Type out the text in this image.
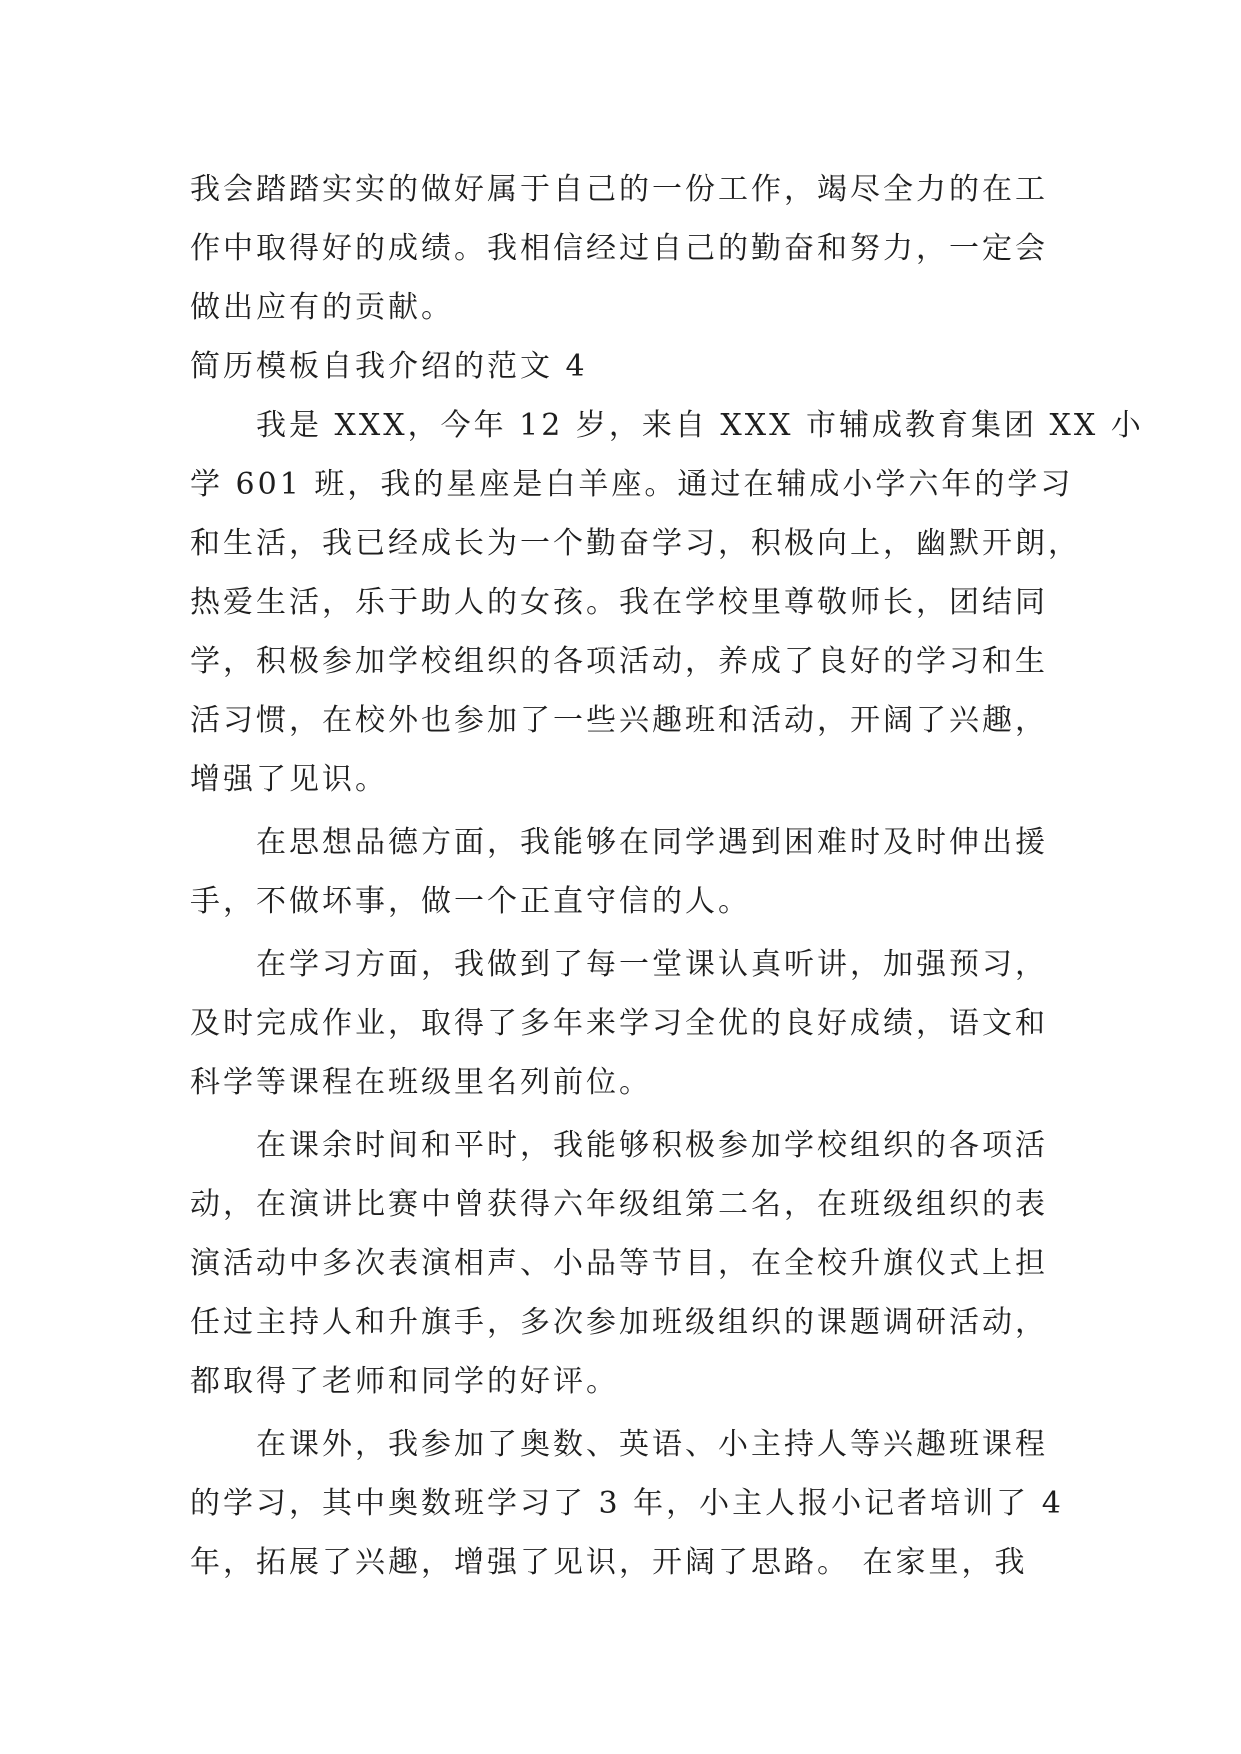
我会踏踏实实的做好属于自己的一份工作，竭尽全力的在工
作中取得好的成绩。我相信经过自己的勤奋和努力，一定会
做出应有的贡献。
简历模板自我介绍的范文 4
我是 XXX，今年 12 岁，来自 XXX 市辅成教育集团 XX 小
学 601 班，我的星座是白羊座。通过在辅成小学六年的学习
和生活，我已经成长为一个勤奋学习，积极向上，幽默开朗，
热爱生活，乐于助人的女孩。我在学校里尊敬师长，团结同
学，积极参加学校组织的各项活动，养成了良好的学习和生
活习惯，在校外也参加了一些兴趣班和活动，开阔了兴趣，
增强了见识。
在思想品德方面，我能够在同学遇到困难时及时伸出援
手，不做坏事，做一个正直守信的人。
在学习方面，我做到了每一堂课认真听讲，加强预习，
及时完成作业，取得了多年来学习全优的良好成绩，语文和
科学等课程在班级里名列前位。
在课余时间和平时，我能够积极参加学校组织的各项活
动，在演讲比赛中曾获得六年级组第二名，在班级组织的表
演活动中多次表演相声、小品等节目，在全校升旗仪式上担
任过主持人和升旗手，多次参加班级组织的课题调研活动，
都取得了老师和同学的好评。
在课外，我参加了奥数、英语、小主持人等兴趣班课程
的学习，其中奥数班学习了 3 年，小主人报小记者培训了 4
年，拓展了兴趣，增强了见识，开阔了思路。 在家里，我
